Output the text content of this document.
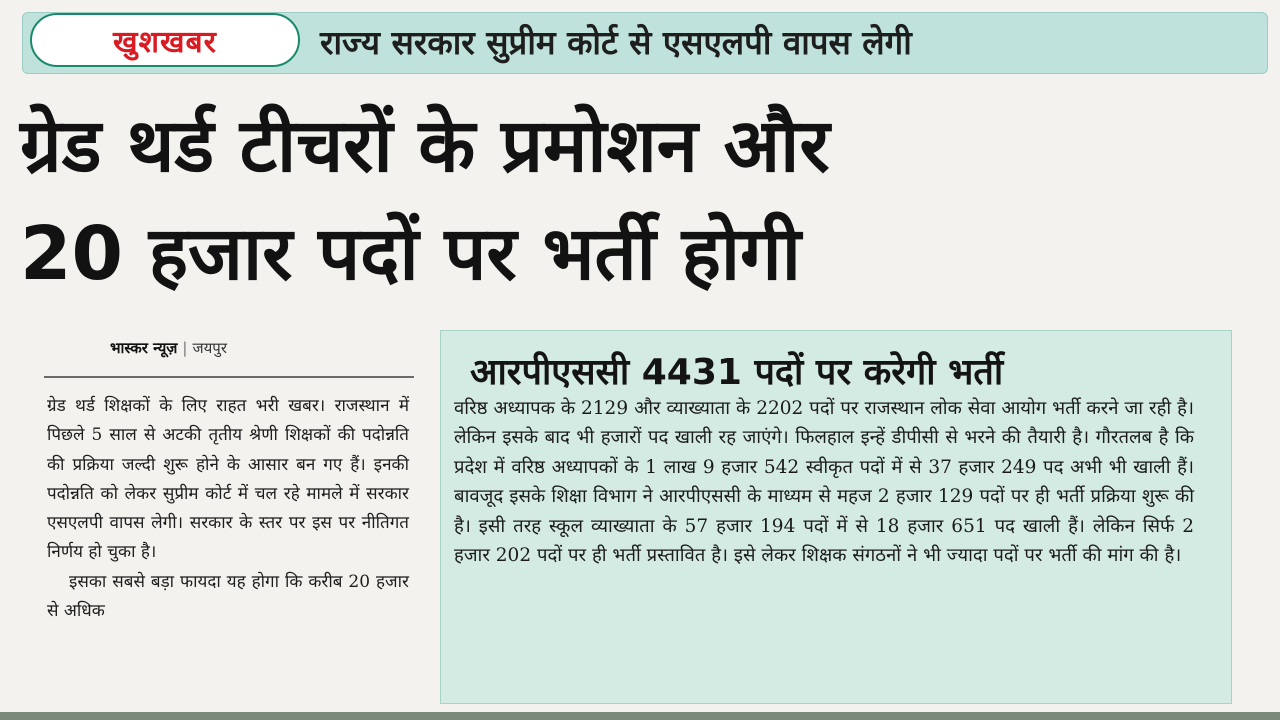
खुशखबर	राज्य सरकार सुप्रीम कोर्ट से एसएलपी वापस लेगी
ग्रेड थर्ड टीचरों के प्रमोशन और
20 हजार पदों पर भर्ती होगी
भास्कर न्यूज़ | जयपुर

ग्रेड थर्ड शिक्षकों के लिए राहत भरी खबर। राजस्थान में पिछले 5 साल से अटकी तृतीय श्रेणी शिक्षकों की पदोन्नति की प्रक्रिया जल्दी शुरू होने के आसार बन गए हैं। इनकी पदोन्नति को लेकर सुप्रीम कोर्ट में चल रहे मामले में सरकार एसएलपी वापस लेगी। सरकार के स्तर पर इस पर नीतिगत निर्णय हो चुका है।

इसका सबसे बड़ा फायदा यह होगा कि करीब 20 हजार से अधिक

आरपीएससी 4431 पदों पर करेगी भर्ती

वरिष्ठ अध्यापक के 2129 और व्याख्याता के 2202 पदों पर राजस्थान लोक सेवा आयोग भर्ती करने जा रही है। लेकिन इसके बाद भी हजारों पद खाली रह जाएंगे। फिलहाल इन्हें डीपीसी से भरने की तैयारी है। गौरतलब है कि प्रदेश में वरिष्ठ अध्यापकों के 1 लाख 9 हजार 542 स्वीकृत पदों में से 37 हजार 249 पद अभी भी खाली हैं। बावजूद इसके शिक्षा विभाग ने आरपीएससी के माध्यम से महज 2 हजार 129 पदों पर ही भर्ती प्रक्रिया शुरू की है। इसी तरह स्कूल व्याख्याता के 57 हजार 194 पदों में से 18 हजार 651 पद खाली हैं। लेकिन सिर्फ 2 हजार 202 पदों पर ही भर्ती प्रस्तावित है। इसे लेकर शिक्षक संगठनों ने भी ज्यादा पदों पर भर्ती की मांग की है।
